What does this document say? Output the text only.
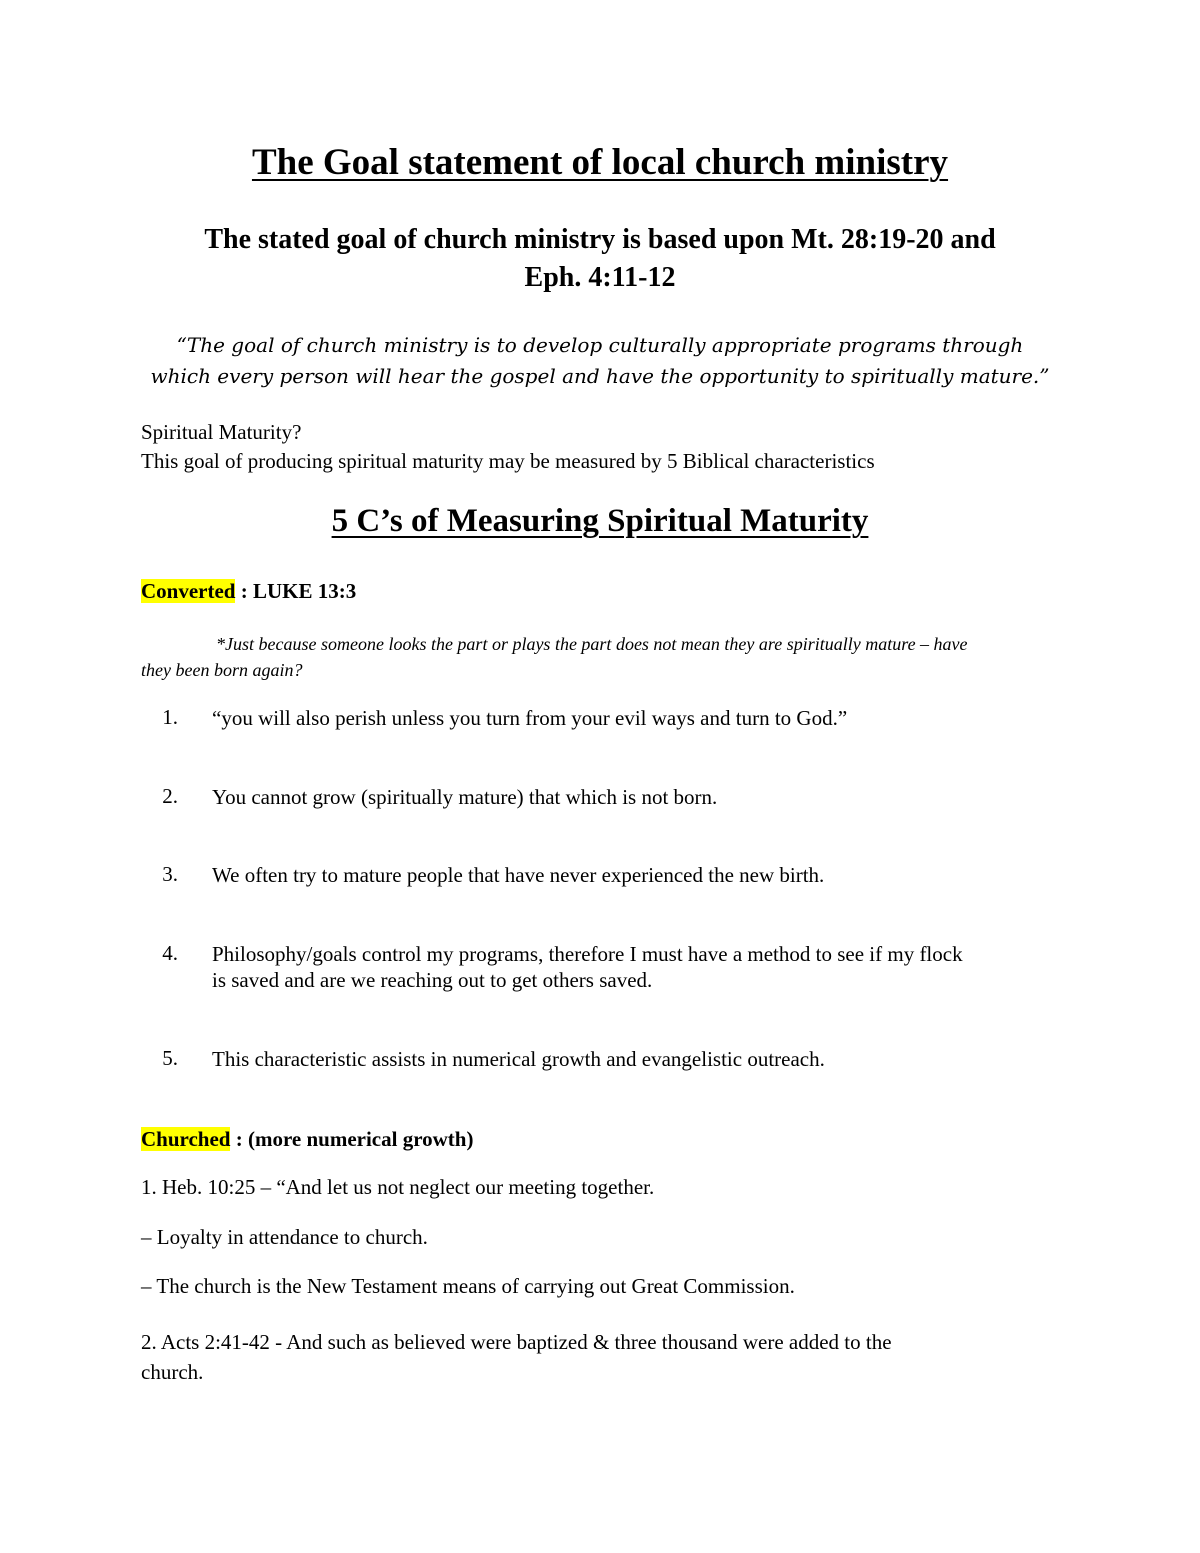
The Goal statement of local church ministry
The stated goal of church ministry is based upon Mt. 28:19-20 and
Eph. 4:11-12
“The goal of church ministry is to develop culturally appropriate programs through
which every person will hear the gospel and have the opportunity to spiritually mature.”
Spiritual Maturity?
This goal of producing spiritual maturity may be measured by 5 Biblical characteristics
5 C’s of Measuring Spiritual Maturity
Converted : LUKE 13:3
*Just because someone looks the part or plays the part does not mean they are spiritually mature – have
they been born again?
1. “you will also perish unless you turn from your evil ways and turn to God.”
2. You cannot grow (spiritually mature) that which is not born.
3. We often try to mature people that have never experienced the new birth.
4. Philosophy/goals control my programs, therefore I must have a method to see if my flock
is saved and are we reaching out to get others saved.
5. This characteristic assists in numerical growth and evangelistic outreach.
Churched : (more numerical growth)
1. Heb. 10:25 – “And let us not neglect our meeting together.
– Loyalty in attendance to church.
– The church is the New Testament means of carrying out Great Commission.
2. Acts 2:41-42 - And such as believed were baptized & three thousand were added to the
church.
